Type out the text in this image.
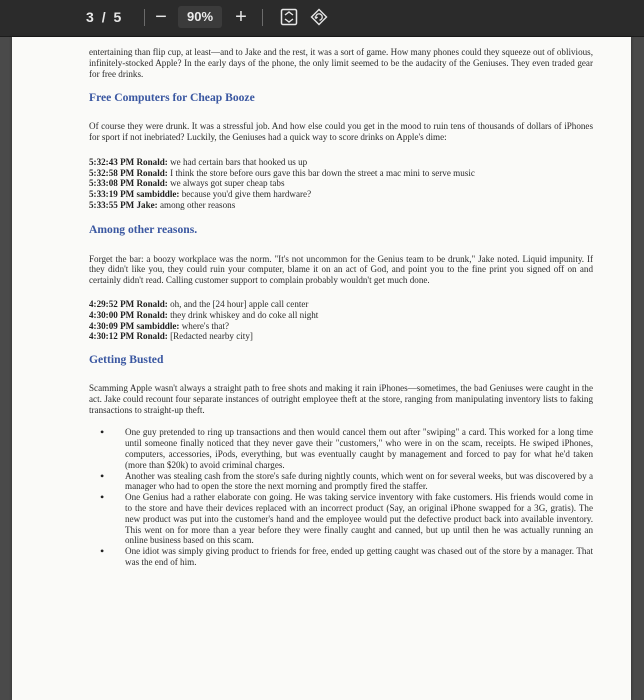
3 / 5 −	90%	+

entertaining than flip cup, at least—and to Jake and the rest, it was a sort of game. How many phones could they squeeze out of oblivious, infinitely-stocked Apple? In the early days of the phone, the only limit seemed to be the audacity of the Geniuses. They even traded gear for free drinks.

Free Computers for Cheap Booze

Of course they were drunk. It was a stressful job. And how else could you get in the mood to ruin tens of thousands of dollars of iPhones for sport if not inebriated? Luckily, the Geniuses had a quick way to score drinks on Apple's dime:

5:32:43 PM Ronald: we had certain bars that hooked us up
5:32:58 PM Ronald: I think the store before ours gave this bar down the street a mac mini to serve music
5:33:08 PM Ronald: we always got super cheap tabs
5:33:19 PM sambiddle: because you'd give them hardware?
5:33:55 PM Jake: among other reasons
Among other reasons.

Forget the bar: a boozy workplace was the norm. "It's not uncommon for the Genius team to be drunk," Jake noted. Liquid impunity. If they didn't like you, they could ruin your computer, blame it on an act of God, and point you to the fine print you signed off on and certainly didn't read. Calling customer support to complain probably wouldn't get much done.

4:29:52 PM Ronald: oh, and the [24 hour] apple call center
4:30:00 PM Ronald: they drink whiskey and do coke all night
4:30:09 PM sambiddle: where's that?
4:30:12 PM Ronald: [Redacted nearby city]
Getting Busted

Scamming Apple wasn't always a straight path to free shots and making it rain iPhones—sometimes, the bad Geniuses were caught in the act. Jake could recount four separate instances of outright employee theft at the store, ranging from manipulating inventory lists to faking transactions to straight-up theft.

• One guy pretended to ring up transactions and then would cancel them out after "swiping" a card. This worked for a long time until someone finally noticed that they never gave their "customers," who were in on the scam, receipts. He swiped iPhones, computers, accessories, iPods, everything, but was eventually caught by management and forced to pay for what he'd taken (more than $20k) to avoid criminal charges.
• Another was stealing cash from the store's safe during nightly counts, which went on for several weeks, but was discovered by a manager who had to open the store the next morning and promptly fired the staffer.
• One Genius had a rather elaborate con going. He was taking service inventory with fake customers. His friends would come in to the store and have their devices replaced with an incorrect product (Say, an original iPhone swapped for a 3G, gratis). The new product was put into the customer's hand and the employee would put the defective product back into available inventory. This went on for more than a year before they were finally caught and canned, but up until then he was actually running an online business based on this scam.
• One idiot was simply giving product to friends for free, ended up getting caught was chased out of the store by a manager. That was the end of him.
